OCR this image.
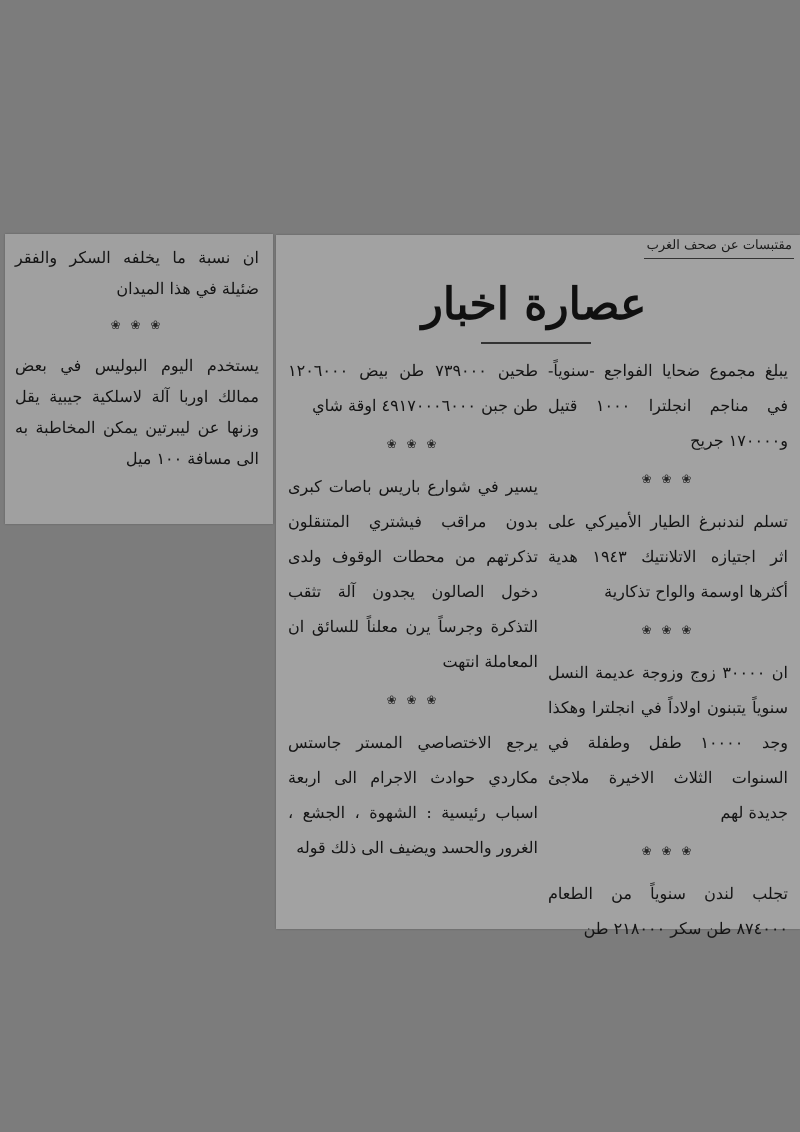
ان نسبة ما يخلفه السكر والفقر ضئيلة في هذا الميدان

❀ ❀ ❀

يستخدم اليوم البوليس في بعض ممالك اوربا آلة لاسلكية جيبية يقل وزنها عن ليبرتين يمكن المخاطبة به الى مسافة ١٠٠ ميل

مقتبسات عن صحف الغرب
عصارة اخبار

يبلغ مجموع ضحايا الفواجع -سنوياً- في مناجم انجلترا ١٠٠٠ قتيل و١٧٠٠٠٠ جريح

❀ ❀ ❀

تسلم لندنبرغ الطيار الأميركي على اثر اجتيازه الاتلانتيك ١٩٤٣ هدية أكثرها اوسمة والواح تذكارية

❀ ❀ ❀

ان ٣٠٠٠٠ زوج وزوجة عديمة النسل سنوياً يتبنون اولاداً في انجلترا وهكذا وجد ١٠٠٠٠ طفل وطفلة في السنوات الثلاث الاخيرة ملاجئ جديدة لهم

❀ ❀ ❀

تجلب لندن سنوياً من الطعام ٨٧٤٠٠٠ طن سكر ٢١٨٠٠٠ طن

طحين ٧٣٩٠٠٠ طن بيض ١٢٠٦٠٠٠ طن جبن ٤٩١٧٠٠٠٦٠٠٠ اوقة شاي

❀ ❀ ❀

يسير في شوارع باريس باصات كبرى بدون مراقب فيشتري المتنقلون تذكرتهم من محطات الوقوف ولدى دخول الصالون يجدون آلة تثقب التذكرة وجرساً يرن معلناً للسائق ان المعاملة انتهت

❀ ❀ ❀

يرجع الاختصاصي المستر جاستس مكاردي حوادث الاجرام الى اربعة اسباب رئيسية : الشهوة ، الجشع ، الغرور والحسد ويضيف الى ذلك قوله
